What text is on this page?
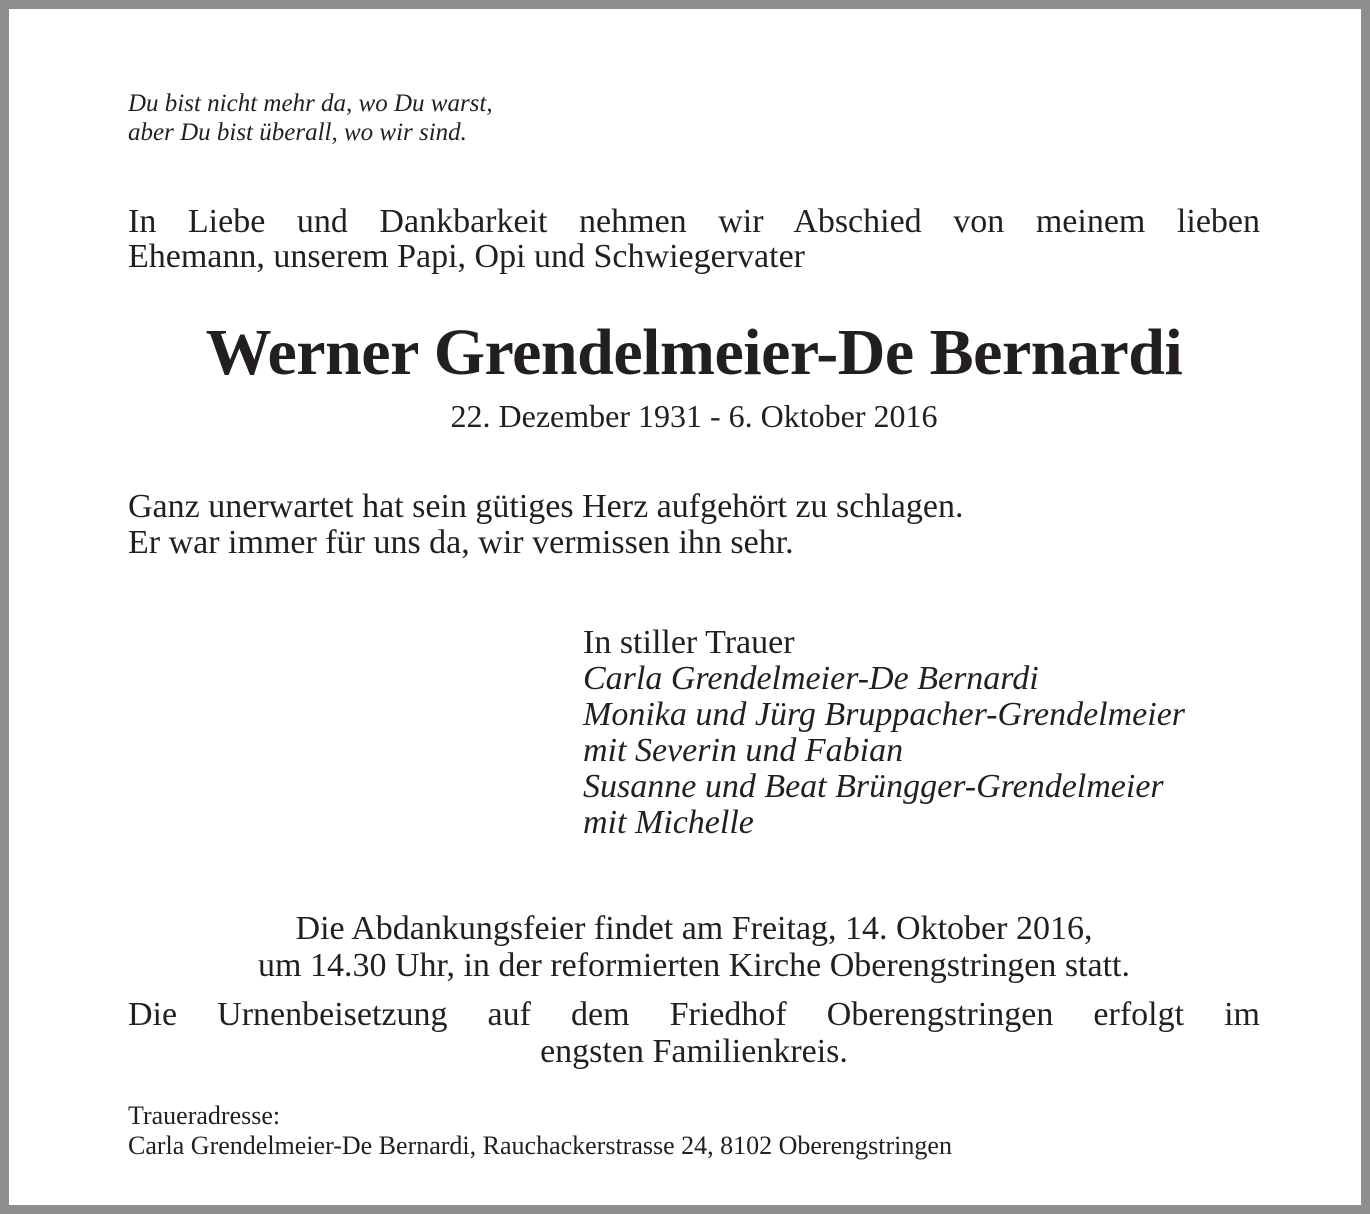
Du bist nicht mehr da, wo Du warst,
aber Du bist überall, wo wir sind.

In Liebe und Dankbarkeit nehmen wir Abschied von meinem lieben
Ehemann, unserem Papi, Opi und Schwiegervater

Werner Grendelmeier-De Bernardi
22. Dezember 1931 - 6. Oktober 2016

Ganz unerwartet hat sein gütiges Herz aufgehört zu schlagen.
Er war immer für uns da, wir vermissen ihn sehr.

In stiller Trauer
Carla Grendelmeier-De Bernardi
Monika und Jürg Bruppacher-Grendelmeier
mit Severin und Fabian
Susanne und Beat Brüngger-Grendelmeier
mit Michelle
Die Abdankungsfeier findet am Freitag, 14. Oktober 2016,
um 14.30 Uhr, in der reformierten Kirche Oberengstringen statt.

Die Urnenbeisetzung auf dem Friedhof Oberengstringen erfolgt im
engsten Familienkreis.

Traueradresse:
Carla Grendelmeier-De Bernardi, Rauchackerstrasse 24, 8102 Oberengstringen
